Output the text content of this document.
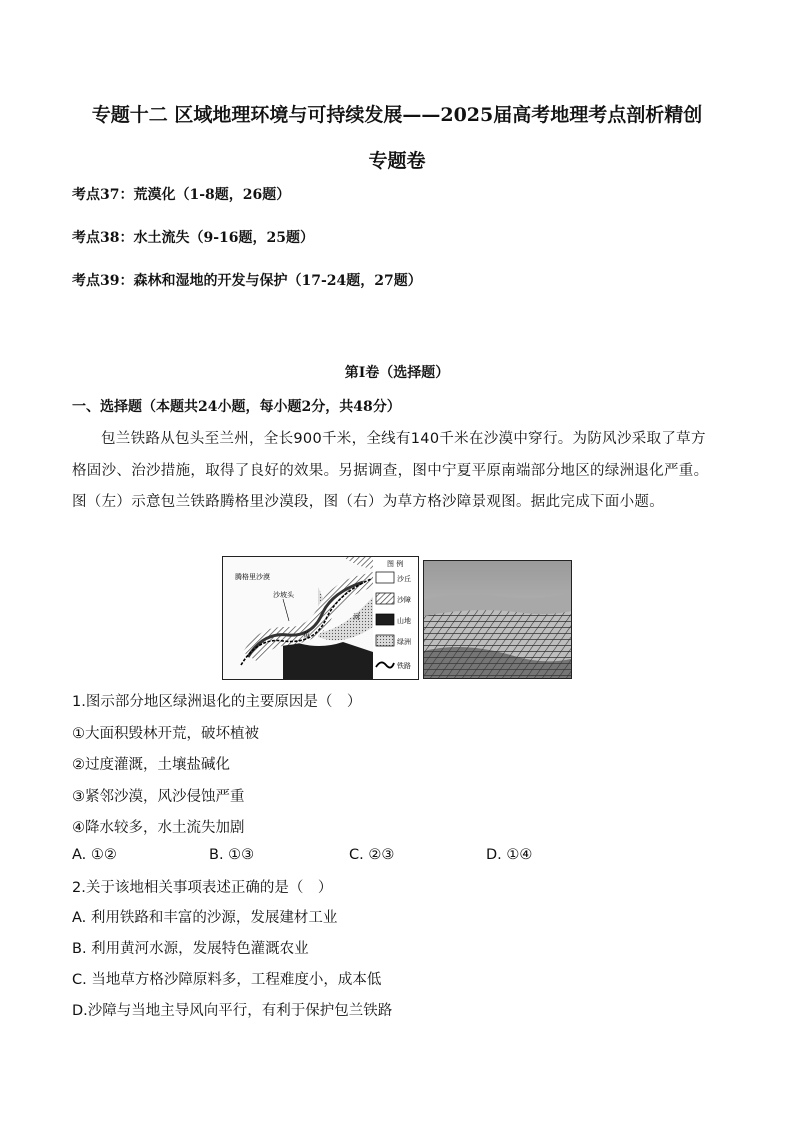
专题十二 区域地理环境与可持续发展——2025届高考地理考点剖析精创
专题卷
考点37：荒漠化（1-8题，26题）
考点38：水土流失（9-16题，25题）
考点39：森林和湿地的开发与保护（17-24题，27题）
第Ⅰ卷（选择题）
一、选择题（本题共24小题，每小题2分，共48分）
包兰铁路从包头至兰州，全长900千米，全线有140千米在沙漠中穿行。为防风沙采取了草方格固沙、治沙措施，取得了良好的效果。另据调查，图中宁夏平原南端部分地区的绿洲退化严重。图（左）示意包兰铁路腾格里沙漠段，图（右）为草方格沙障景观图。据此完成下面小题。
腾格里沙漠
沙坡头
黄
河
图 例
沙丘
沙障
山地
绿洲
铁路
1.图示部分地区绿洲退化的主要原因是（　）
①大面积毁林开荒，破坏植被
②过度灌溉，土壤盐碱化
③紧邻沙漠，风沙侵蚀严重
④降水较多，水土流失加剧
A. ①②	B. ①③	C. ②③	D. ①④
2.关于该地相关事项表述正确的是（　）
A. 利用铁路和丰富的沙源，发展建材工业
B. 利用黄河水源，发展特色灌溉农业
C. 当地草方格沙障原料多，工程难度小，成本低
D.沙障与当地主导风向平行，有利于保护包兰铁路
